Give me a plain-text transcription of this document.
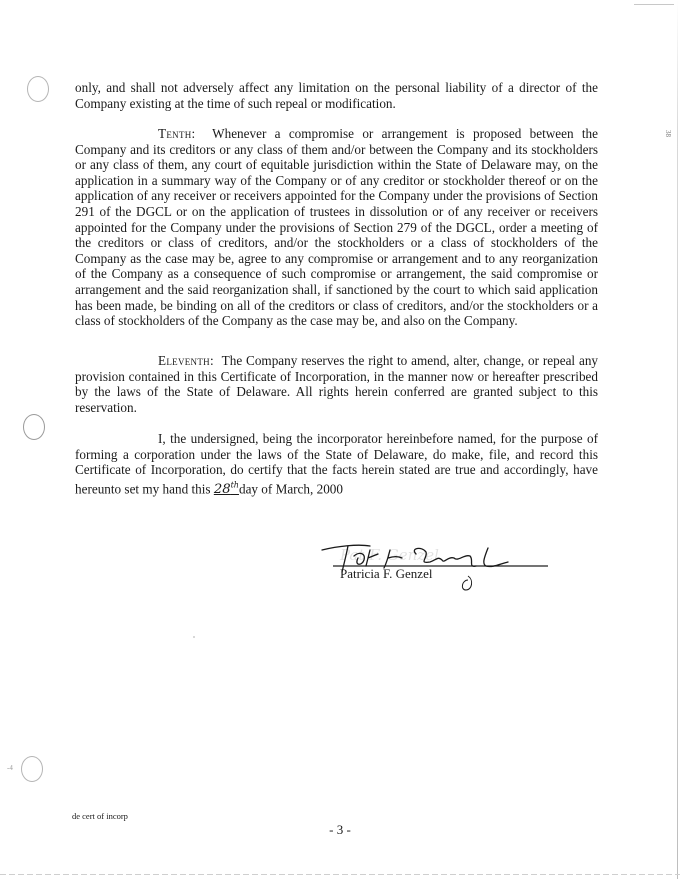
38
-4

only, and shall not adversely affect any limitation on the personal liability of a director of the Company existing at the time of such repeal or modification.

Tenth: Whenever a compromise or arrangement is proposed between the Company and its creditors or any class of them and/or between the Company and its stockholders or any class of them, any court of equitable jurisdiction within the State of Delaware may, on the application in a summary way of the Company or of any creditor or stockholder thereof or on the application of any receiver or receivers appointed for the Company under the provisions of Section 291 of the DGCL or on the application of trustees in dissolution or of any receiver or receivers appointed for the Company under the provisions of Section 279 of the DGCL, order a meeting of the creditors or class of creditors, and/or the stockholders or a class of stockholders of the Company as the case may be, agree to any compromise or arrangement and to any reorganization of the Company as a consequence of such compromise or arrangement, the said compromise or arrangement and the said reorganization shall, if sanctioned by the court to which said application has been made, be binding on all of the creditors or class of creditors, and/or the stockholders or a class of stockholders of the Company as the case may be, and also on the Company.

Eleventh: The Company reserves the right to amend, alter, change, or repeal any provision contained in this Certificate of Incorporation, in the manner now or hereafter prescribed by the laws of the State of Delaware. All rights herein conferred are granted subject to this reservation.

I, the undersigned, being the incorporator hereinbefore named, for the purpose of forming a corporation under the laws of the State of Delaware, do make, file, and record this Certificate of Incorporation, do certify that the facts herein stated are true and accordingly, have hereunto set my hand this 28thday of March, 2000

Pat F. Genzel
Patricia F. Genzel
de cert of incorp
- 3 -
